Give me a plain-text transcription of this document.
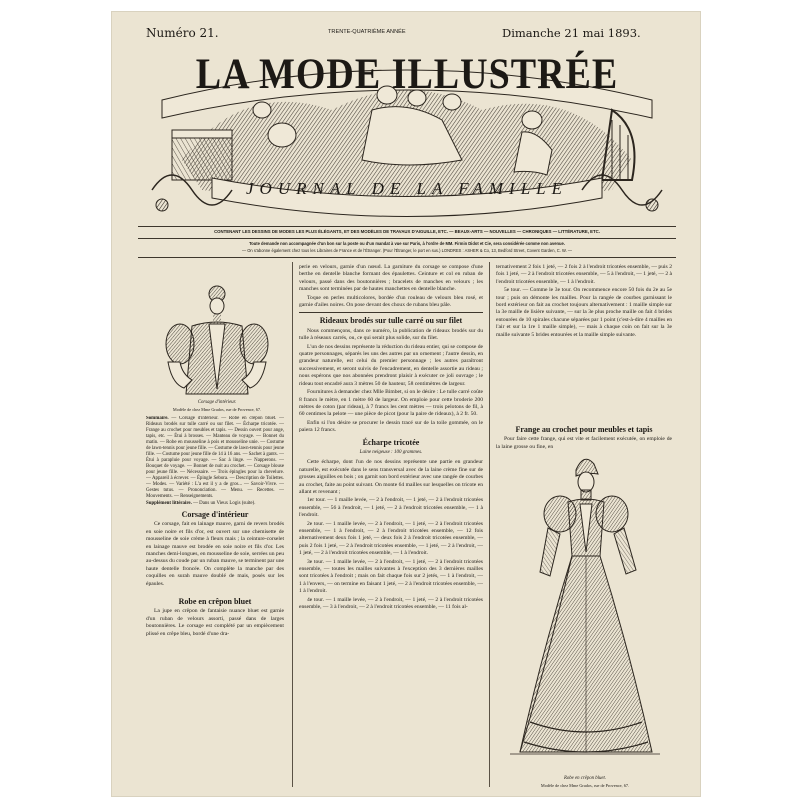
Numéro 21.	TRENTE-QUATRIÈME ANNÉE	Dimanche 21 mai 1893.
LA MODE ILLUSTRÉE
JOURNAL DE LA FAMILLE
CONTENANT LES DESSINS DE MODES LES PLUS ÉLÉGANTS, ET DES MODÈLES DE TRAVAUX D'AIGUILLE, ETC. — BEAUX-ARTS — NOUVELLES — CHRONIQUES — LITTÉRATURE, ETC.
Toute demande non accompagnée d'un bon sur la poste ou d'un mandat à vue sur Paris, à l'ordre de MM. Firmin Didot et Cie, sera considérée comme non avenue.
— On s'abonne également chez tous les Libraires de France et de l'Étranger. (Pour l'Étranger, le port en sus.) LONDRES : ASHER & Co, 13, Bedford Street, Covent Garden, C. W. —
Corsage d'intérieur.
Modèle de chez Mme Grados, rue de Provence, 67.

Sommaire. — Corsage d'intérieur. — Robe en crêpon bluet. — Rideaux brodés sur tulle carré ou sur filet. — Écharpe tricotée. — Frange au crochet pour meubles et tapis. — Dessin ouvert pour ange, tapis, etc. — Étui à brosses. — Manteau de voyage. — Bonnet du matin. — Robe en mousseline à pois et mousseline unie. — Costume de lawn-tennis pour jeune fille. — Costume de lawn-tennis pour jeune fille. — Costume pour jeune fille de 14 à 16 ans. — Sachet à gants. — Étui à parapluie pour voyage. — Sac à linge. — Napperons. — Bouquet de voyage. — Bonnet de nuit au crochet. — Corsage blouse pour jeune fille. — Nécessaire. — Trois épingles pour la chevelure. — Appareil à écrever. — Épingle Sebora. — Description de Toilettes. — Modes. — Variété : L'a est il y a de gros... — Savoir-Vivre. — Gestes tutus. — Prononciation. — Menu. — Recettes. — Mouvements. — Renseignements.

Supplément littéraire. — Dans un Vieux Logis (suite).

Corsage d'intérieur

Ce corsage, fait en lainage mauve, garni de revers brodés en soie noire et fils d'or, est ouvert sur une chemisette de mousseline de soie crème à fleurs mais ; la ceinture-corselet en lainage mauve est brodée en soie noire et fils d'or. Les manches demi-longues, en mousseline de soie, serrées un peu au-dessus du coude par un ruban mauve, se terminent par une haute dentelle froncée. On complète la manche par des coquilles en surah mauve doublé de mais, posés sur les épaules.

Robe en crêpon bluet

La jupe en crêpon de fantaisie nuance bluet est garnie d'un ruban de velours assorti, passé dans de larges boutonnières. Le corsage est complété par un empiècement plissé en crêpe bleu, bordé d'une dra-

perie en velours, garnie d'un nœud. La garniture du corsage se compose d'une berthe en dentelle blanche formant des épaulettes. Ceinture et col en ruban de velours, passé dans des boutonnières ; bracelets de manches en velours ; les manches sont terminées par de hautes manchettes en dentelle blanche.

Toque en perles multicolores, bordée d'un rouleau de velours bleu rosé, et garnie d'ailes noires. On pose devant des choux de rubans bleu pâle.

Rideaux brodés sur tulle carré ou sur filet

Nous commençons, dans ce numéro, la publication de rideaux brodés sur du tulle à réseaux carrés, ou, ce qui serait plus solide, sur du filet.

L'un de nos dessins représente la réduction du rideau entier, qui se compose de quatre personnages, séparés les uns des autres par un ornement ; l'autre dessin, en grandeur naturelle, est celui du premier personnage ; les autres paraîtront successivement, et seront suivis de l'encadrement, en dentelle assortie au rideau ; nous espérons que nos abonnées prendront plaisir à exécuter ce joli ouvrage ; le rideau tout encadré aura 3 mètres 50 de hauteur, 58 centimètres de largeur.

Fournitures à demander chez Mlle Bimbet, si on le désire : Le tulle carré coûte 8 francs le mètre, en 1 mètre 60 de largeur. On emploie pour cette broderie 200 mètres de coton (par rideau), à 7 francs les cent mètres — trois pelotons de fil, à 60 centimes la pelote — une pièce de picot (pour la paire de rideaux), à 2 fr. 50.

Enfin si l'on désire se procurer le dessin tracé sur de la toile gommée, on le paiera 12 francs.

Écharpe tricotée
Laine neigeuse : 100 grammes.

Cette écharpe, dont l'un de nos dessins représente une partie en grandeur naturelle, est exécutée dans le sens transversal avec de la laine crème fine sur de grosses aiguilles en bois ; on garnit son bord extérieur avec une rangée de courbes au crochet, faite au point suivant. On monte 64 mailles sur lesquelles on tricote en allant et revenant ;

1er tour. — 1 maille levée, — 2 à l'endroit, — 1 jeté, — 2 à l'endroit tricotées ensemble, — 56 à l'endroit, — 1 jeté, — 2 à l'endroit tricotées ensemble, — 1 à l'endroit.

2e tour. — 1 maille levée, — 2 à l'endroit, — 1 jeté, — 2 à l'endroit tricotées ensemble, — 1 à l'endroit, — 2 à l'endroit tricotées ensemble, — 12 fois alternativement deux fois 1 jeté, — deux fois 2 à l'endroit tricotées ensemble, — puis 2 fois 1 jeté, — 2 à l'endroit tricotées ensemble, — 1 jeté, — 2 à l'endroit, — 1 jeté, — 2 à l'endroit tricotées ensemble, — 1 à l'endroit.

3e tour. — 1 maille levée, — 2 à l'endroit, — 1 jeté, — 2 à l'endroit tricotées ensemble, — toutes les mailles suivantes à l'exception des 3 dernières mailles sont tricotées à l'endroit ; mais on fait chaque fois sur 2 jetés, — 1 à l'endroit, — 1 à l'envers, — on termine en faisant 1 jeté, — 2 à l'endroit tricotées ensemble, — 1 à l'endroit.

4e tour. — 1 maille levée, — 2 à l'endroit, — 1 jeté, — 2 à l'endroit tricotées ensemble, — 3 à l'endroit, — 2 à l'endroit tricotées ensemble, — 11 fois al-

ternativement 2 fois 1 jeté, — 2 fois 2 à l'endroit tricotées ensemble, — puis 2 fois 1 jeté, — 2 à l'endroit tricotées ensemble, — 5 à l'endroit, — 1 jeté, — 2 à l'endroit tricotées ensemble, — 1 à l'endroit.

5e tour. — Comme le 3e tour. On recommence encore 50 fois du 2e au 5e tour ; puis on démonte les mailles. Pour la rangée de courbes garnissant le bord extérieur on fait au crochet toujours alternativement : 1 maille simple sur la 3e maille de lisière suivante, — sur la 3e plus proche maille on fait 4 brides entourées de 10 spirales chacune séparées par 1 point (c'est-à-dire 4 mailles en l'air et sur la 1re 1 maille simple), — mais à chaque coin on fait sur la 3e maille suivante 5 brides entourées et la maille simple suivante.

Frange au crochet pour meubles et tapis

Pour faire cette frange, qui est vite et facilement exécutée, on emploie de la laine grosse ou fine, en

Robe en crêpon bluet.
Modèle de chez Mme Grados, rue de Provence, 67.
